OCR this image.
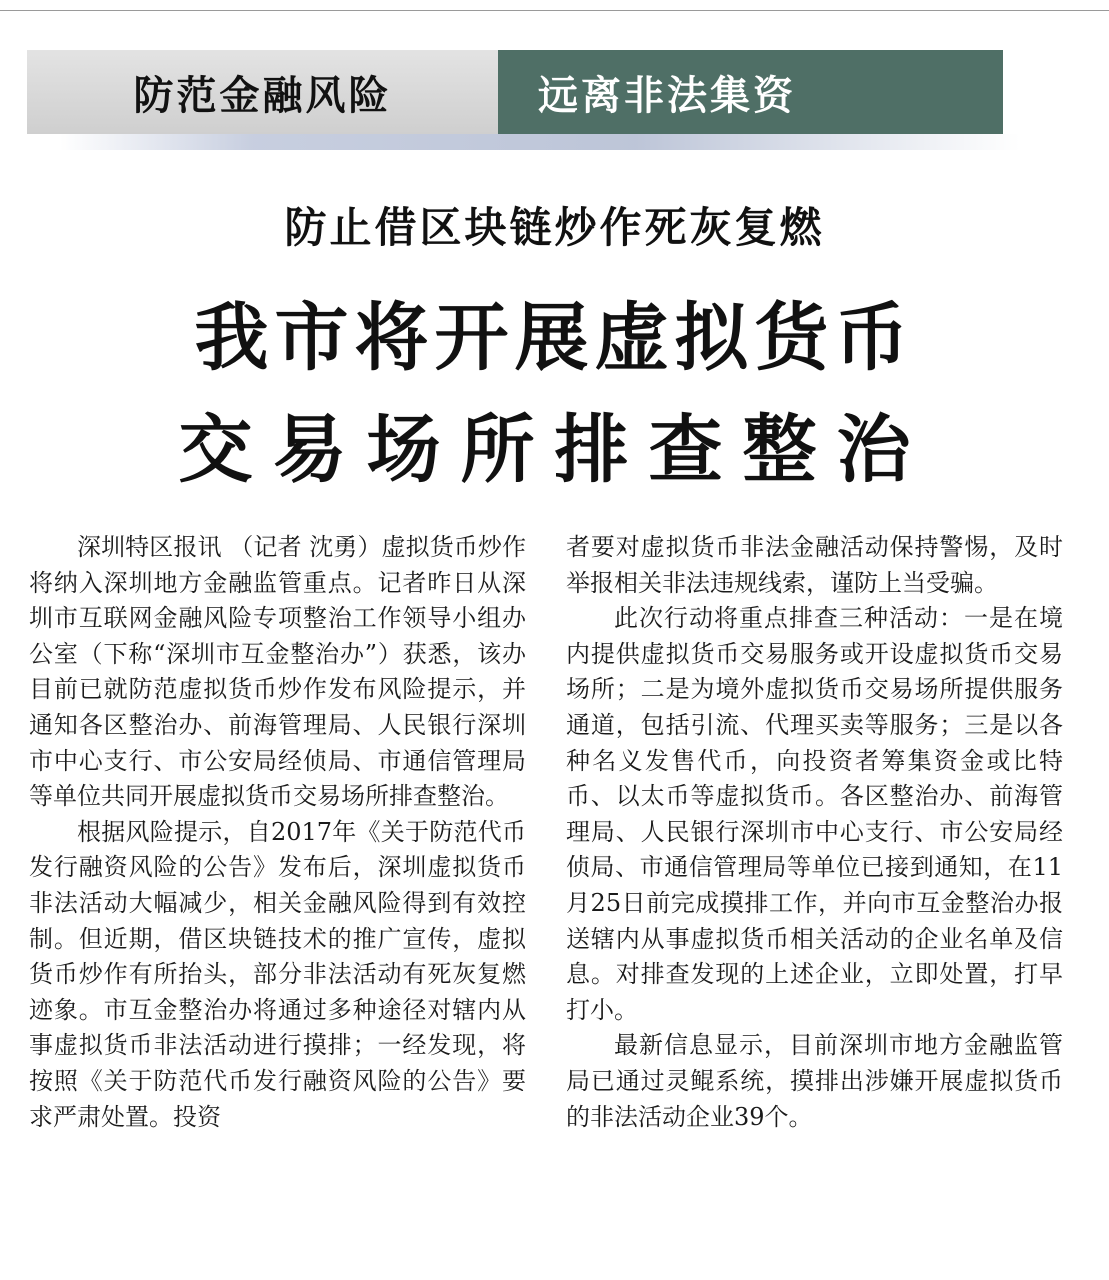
防范金融风险	远离非法集资
防止借区块链炒作死灰复燃
我市将开展虚拟货币
交易场所排查整治

深圳特区报讯 （记者 沈勇）虚拟货币炒作将纳入深圳地方金融监管重点。记者昨日从深圳市互联网金融风险专项整治工作领导小组办公室（下称“深圳市互金整治办”）获悉，该办目前已就防范虚拟货币炒作发布风险提示，并通知各区整治办、前海管理局、人民银行深圳市中心支行、市公安局经侦局、市通信管理局等单位共同开展虚拟货币交易场所排查整治。

根据风险提示，自2017年《关于防范代币发行融资风险的公告》发布后，深圳虚拟货币非法活动大幅减少，相关金融风险得到有效控制。但近期，借区块链技术的推广宣传，虚拟货币炒作有所抬头，部分非法活动有死灰复燃迹象。市互金整治办将通过多种途径对辖内从事虚拟货币非法活动进行摸排；一经发现，将按照《关于防范代币发行融资风险的公告》要求严肃处置。投资

者要对虚拟货币非法金融活动保持警惕，及时举报相关非法违规线索，谨防上当受骗。

此次行动将重点排查三种活动：一是在境内提供虚拟货币交易服务或开设虚拟货币交易场所；二是为境外虚拟货币交易场所提供服务通道，包括引流、代理买卖等服务；三是以各种名义发售代币，向投资者筹集资金或比特币、以太币等虚拟货币。各区整治办、前海管理局、人民银行深圳市中心支行、市公安局经侦局、市通信管理局等单位已接到通知，在11月25日前完成摸排工作，并向市互金整治办报送辖内从事虚拟货币相关活动的企业名单及信息。对排查发现的上述企业，立即处置，打早打小。

最新信息显示，目前深圳市地方金融监管局已通过灵鲲系统，摸排出涉嫌开展虚拟货币的非法活动企业39个。
